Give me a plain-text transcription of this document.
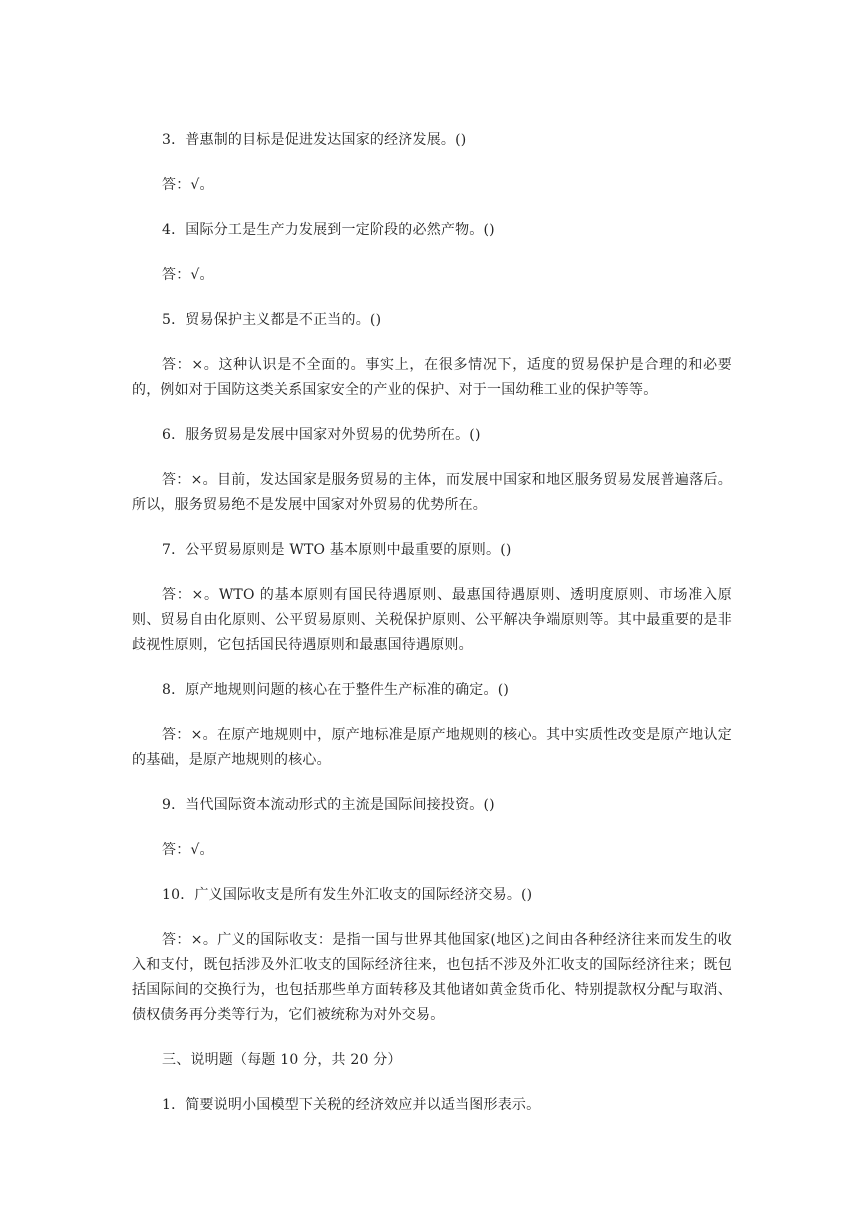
3．普惠制的目标是促进发达国家的经济发展。()

答：√。

4．国际分工是生产力发展到一定阶段的必然产物。()

答：√。

5．贸易保护主义都是不正当的。()

答：×。这种认识是不全面的。事实上，在很多情况下，适度的贸易保护是合理的和必要的，例如对于国防这类关系国家安全的产业的保护、对于一国幼稚工业的保护等等。

6．服务贸易是发展中国家对外贸易的优势所在。()

答：×。目前，发达国家是服务贸易的主体，而发展中国家和地区服务贸易发展普遍落后。所以，服务贸易绝不是发展中国家对外贸易的优势所在。

7．公平贸易原则是 WTO 基本原则中最重要的原则。()

答：×。WTO 的基本原则有国民待遇原则、最惠国待遇原则、透明度原则、市场准入原则、贸易自由化原则、公平贸易原则、关税保护原则、公平解决争端原则等。其中最重要的是非歧视性原则，它包括国民待遇原则和最惠国待遇原则。

8．原产地规则问题的核心在于整件生产标准的确定。()

答：×。在原产地规则中，原产地标准是原产地规则的核心。其中实质性改变是原产地认定的基础，是原产地规则的核心。

9．当代国际资本流动形式的主流是国际间接投资。()

答：√。

10．广义国际收支是所有发生外汇收支的国际经济交易。()

答：×。广义的国际收支：是指一国与世界其他国家(地区)之间由各种经济往来而发生的收入和支付，既包括涉及外汇收支的国际经济往来，也包括不涉及外汇收支的国际经济往来；既包括国际间的交换行为，也包括那些单方面转移及其他诸如黄金货币化、特别提款权分配与取消、债权债务再分类等行为，它们被统称为对外交易。

三、说明题（每题 10 分，共 20 分）

1．简要说明小国模型下关税的经济效应并以适当图形表示。
